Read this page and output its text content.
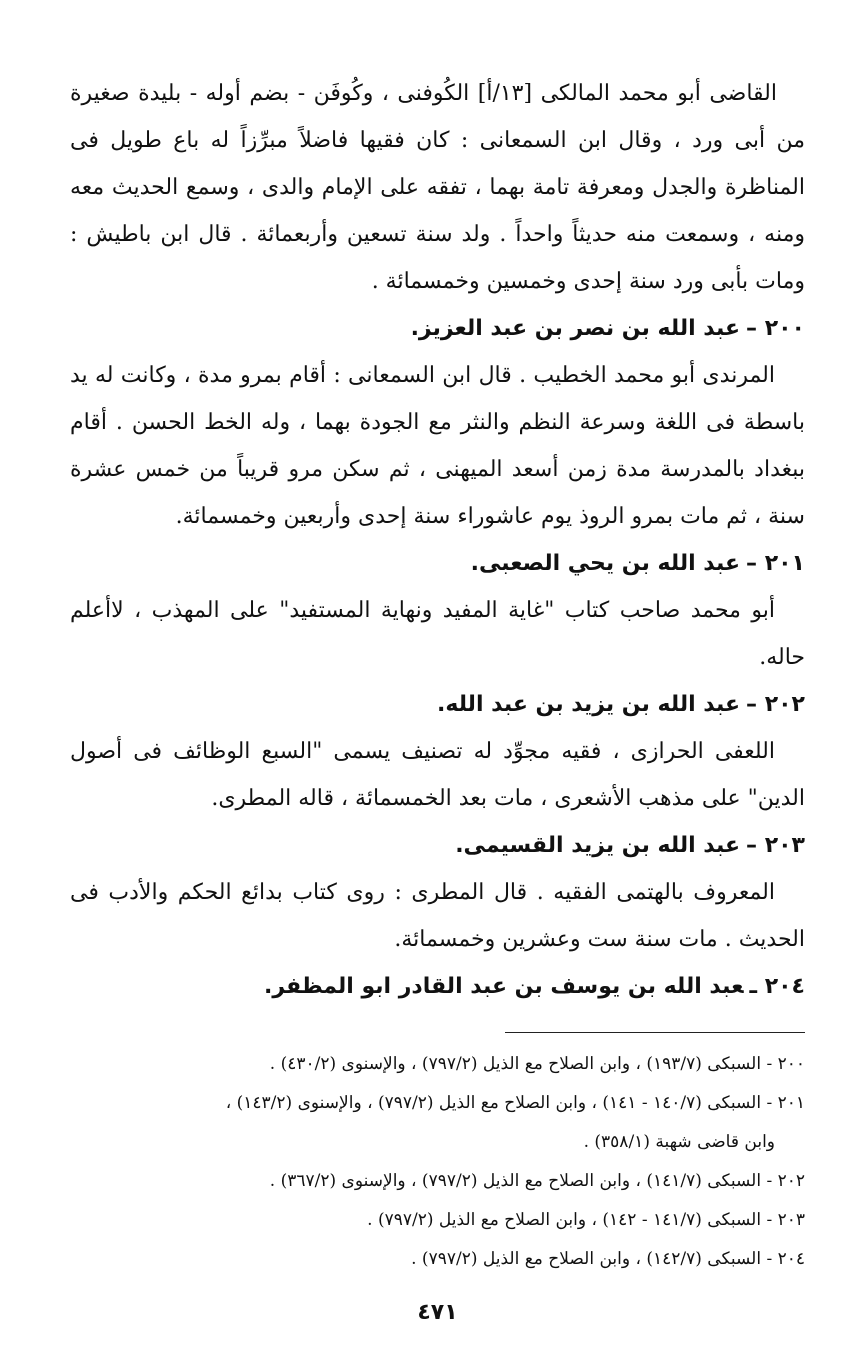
القاضى أبو محمد المالكى [١٣/أ] الكُوفنى ، وكُوفَن - بضم أوله - بليدة صغيرة من أبى ورد ، وقال ابن السمعانى : كان فقيها فاضلاً مبرِّزاً له باع طويل فى المناظرة والجدل ومعرفة تامة بهما ، تفقه على الإمام والدى ، وسمع الحديث معه ومنه ، وسمعت منه حديثاً واحداً . ولد سنة تسعين وأربعمائة . قال ابن باطيش : ومات بأبى ورد سنة إحدى وخمسين وخمسمائة .

٢٠٠ –عبد الله بن نصر بن عبد العزيز.

المرندى أبو محمد الخطيب . قال ابن السمعانى : أقام بمرو مدة ، وكانت له يد باسطة فى اللغة وسرعة النظم والنثر مع الجودة بهما ، وله الخط الحسن . أقام ببغداد بالمدرسة مدة زمن أسعد الميهنى ، ثم سكن مرو قريباً من خمس عشرة سنة ، ثم مات بمرو الروذ يوم عاشوراء سنة إحدى وأربعين وخمسمائة.

٢٠١ –عبد الله بن يحي الصعبى.

أبو محمد صاحب كتاب "غاية المفيد ونهاية المستفيد" على المهذب ، لاأعلم حاله.

٢٠٢ –عبد الله بن يزيد بن عبد الله.

اللعفى الحرازى ، فقيه مجوِّد له تصنيف يسمى "السبع الوظائف فى أصول الدين" على مذهب الأشعرى ، مات بعد الخمسمائة ، قاله المطرى.

٢٠٣ –عبد الله بن يزيد القسيمى.

المعروف بالهتمى الفقيه . قال المطرى : روى كتاب بدائع الحكم والأدب فى الحديث . مات سنة ست وعشرين وخمسمائة.

٢٠٤ ـعبد الله بن يوسف بن عبد القادر ابو المظفر.

٢٠٠ - السبكى (١٩٣/٧) ، وابن الصلاح مع الذيل (٧٩٧/٢) ، والإسنوى (٤٣٠/٢) .

٢٠١ - السبكى (١٤٠/٧ - ١٤١) ، وابن الصلاح مع الذيل (٧٩٧/٢) ، والإسنوى (١٤٣/٢) ،

وابن قاضى شهبة (٣٥٨/١) .

٢٠٢ - السبكى (١٤١/٧) ، وابن الصلاح مع الذيل (٧٩٧/٢) ، والإسنوى (٣٦٧/٢) .

٢٠٣ - السبكى (١٤١/٧ - ١٤٢) ، وابن الصلاح مع الذيل (٧٩٧/٢) .

٢٠٤ - السبكى (١٤٢/٧) ، وابن الصلاح مع الذيل (٧٩٧/٢) .

٤٧١
